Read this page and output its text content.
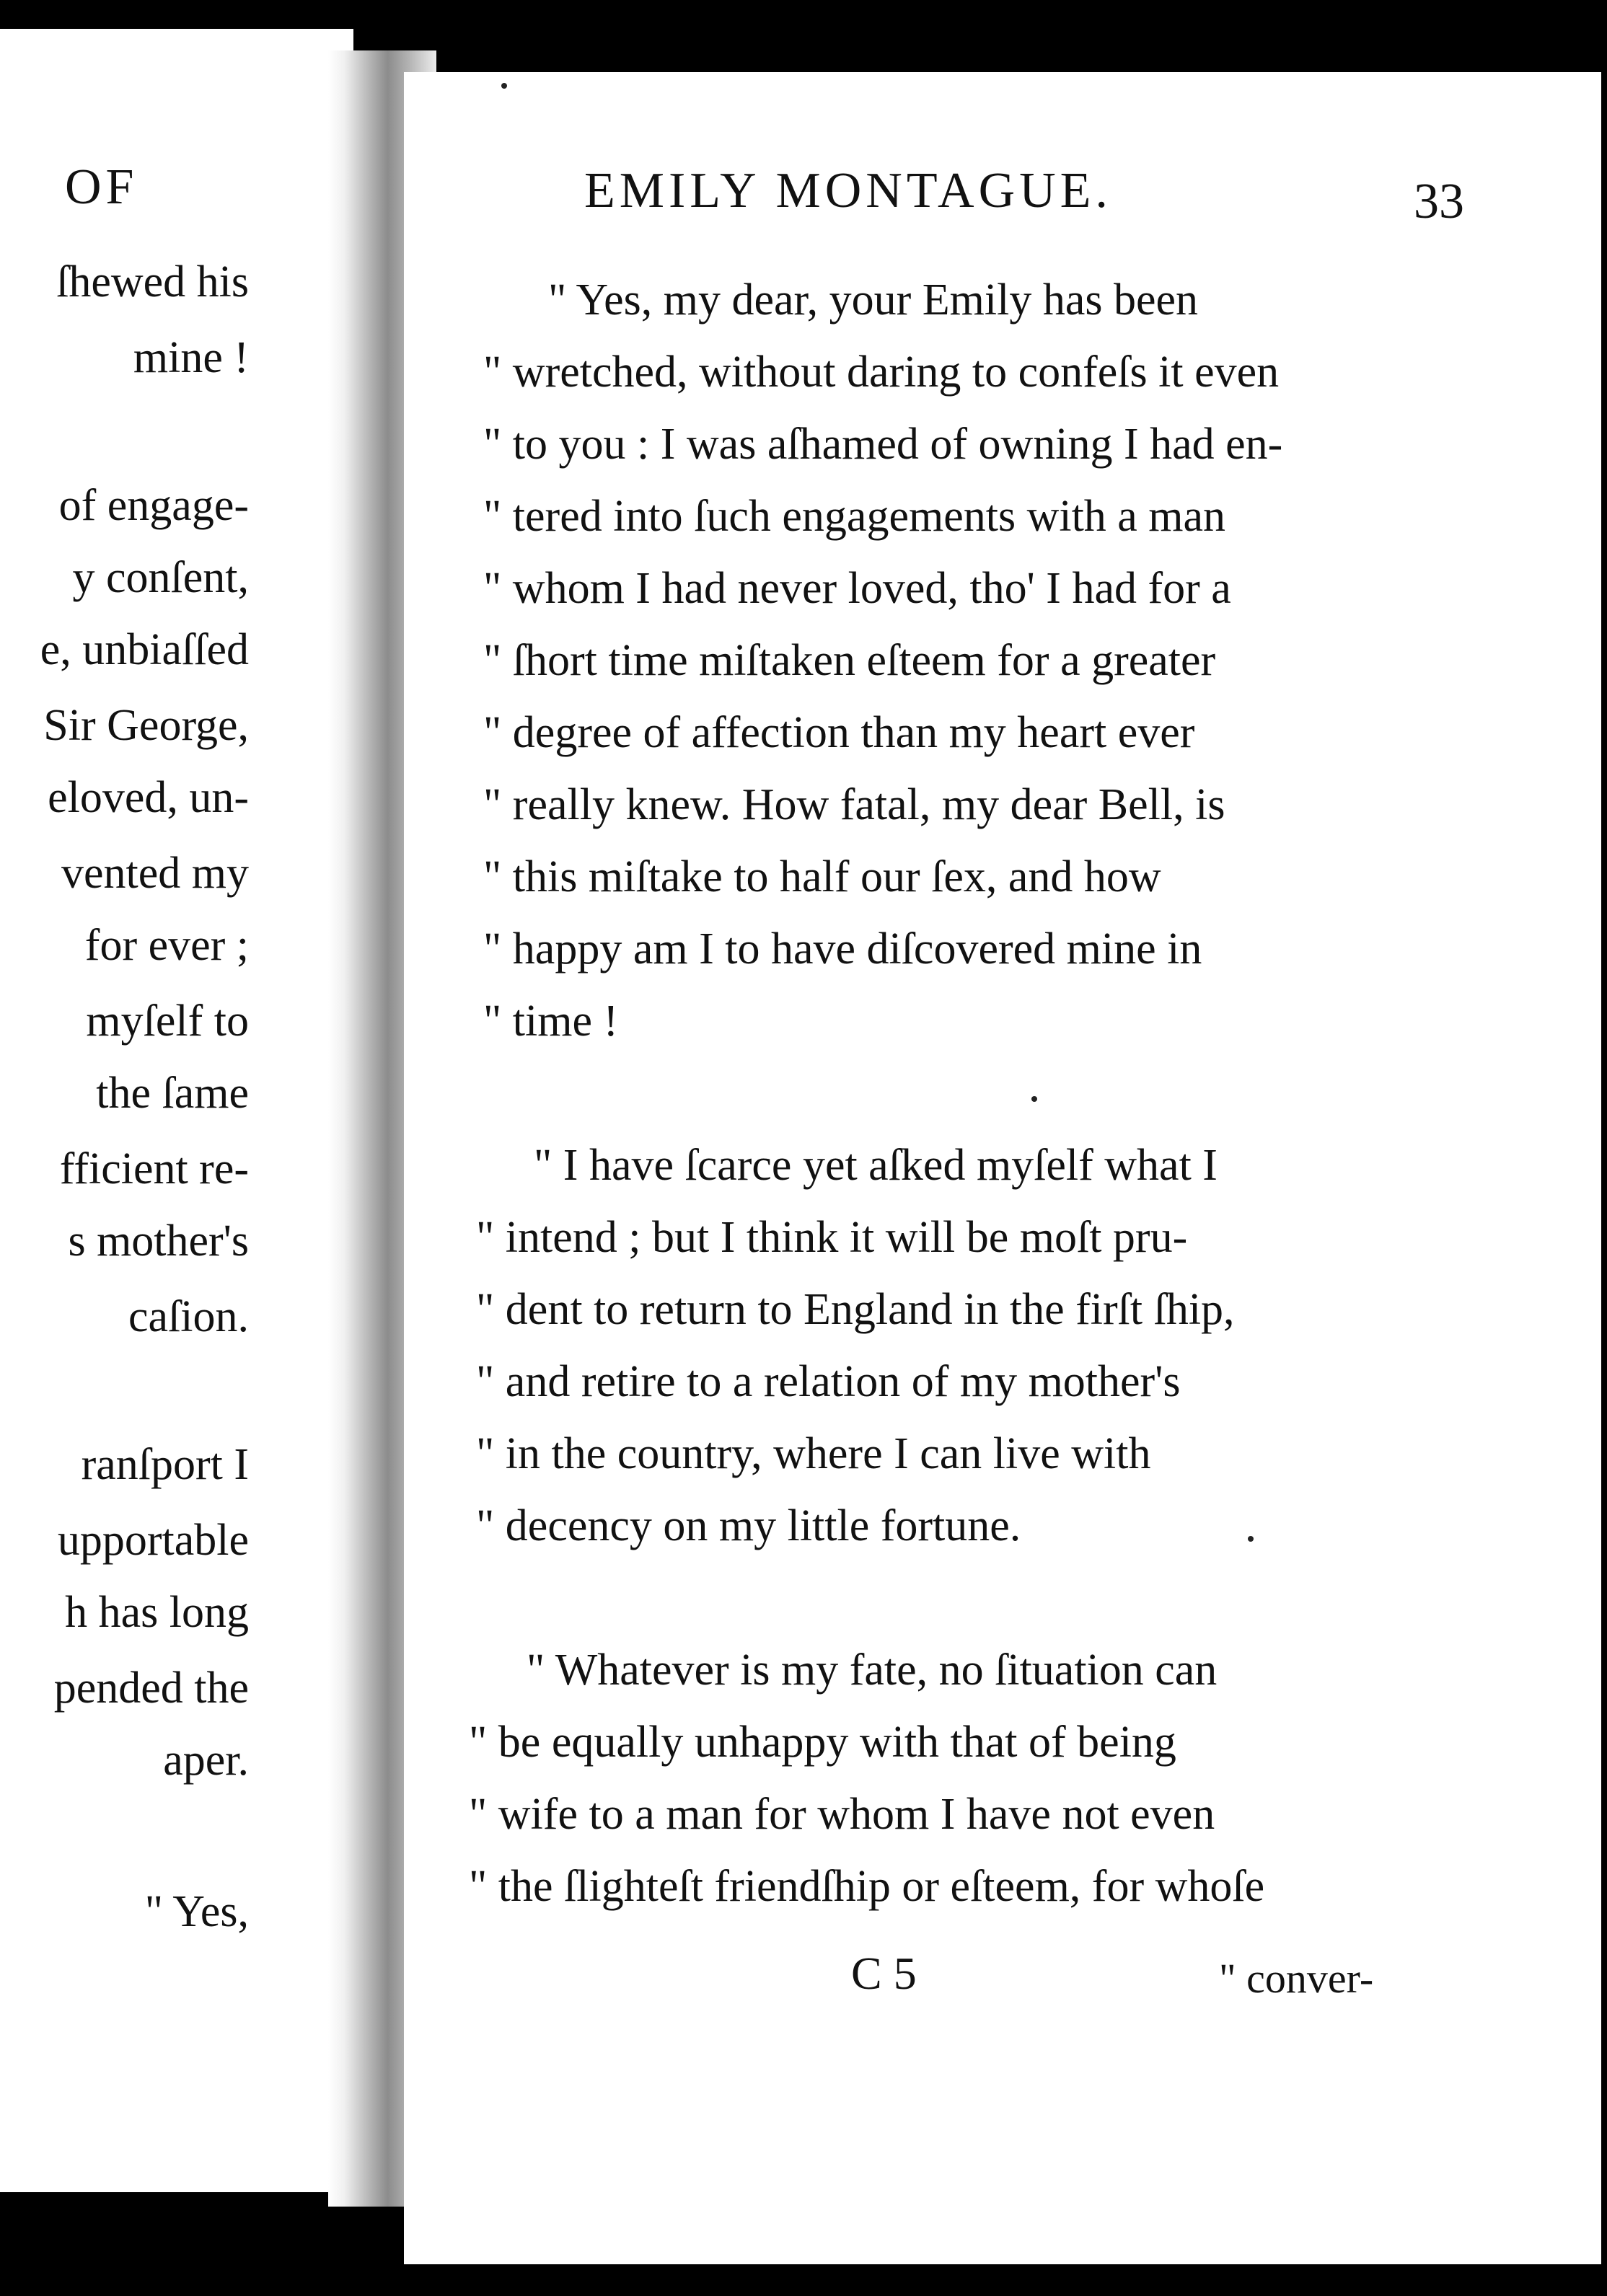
OF
ſhewed his
mine !
of engage-
y conſent,
e, unbiaſſed
Sir George,
eloved, un-
vented my
for ever ;
myſelf to
the ſame
fficient re-
s mother's
caſion.
ranſport I
upportable
h has long
pended the
aper.
" Yes,
EMILY MONTAGUE.	33
" Yes, my dear, your Emily has been
" wretched, without daring to confeſs it even
" to you : I was aſhamed of owning I had en-
" tered into ſuch engagements with a man
" whom I had never loved, tho' I had for a
" ſhort time miſtaken eſteem for a greater
" degree of affection than my heart ever
" really knew. How fatal, my dear Bell, is
" this miſtake to half our ſex, and how
" happy am I to have diſcovered mine in
" time !
" I have ſcarce yet aſked myſelf what I
" intend ; but I think it will be moſt pru-
" dent to return to England in the firſt ſhip,
" and retire to a relation of my mother's
" in the country, where I can live with
" decency on my little fortune.
" Whatever is my fate, no ſituation can
" be equally unhappy with that of being
" wife to a man for whom I have not even
" the ſlighteſt friendſhip or eſteem, for whoſe
C 5	" conver-
